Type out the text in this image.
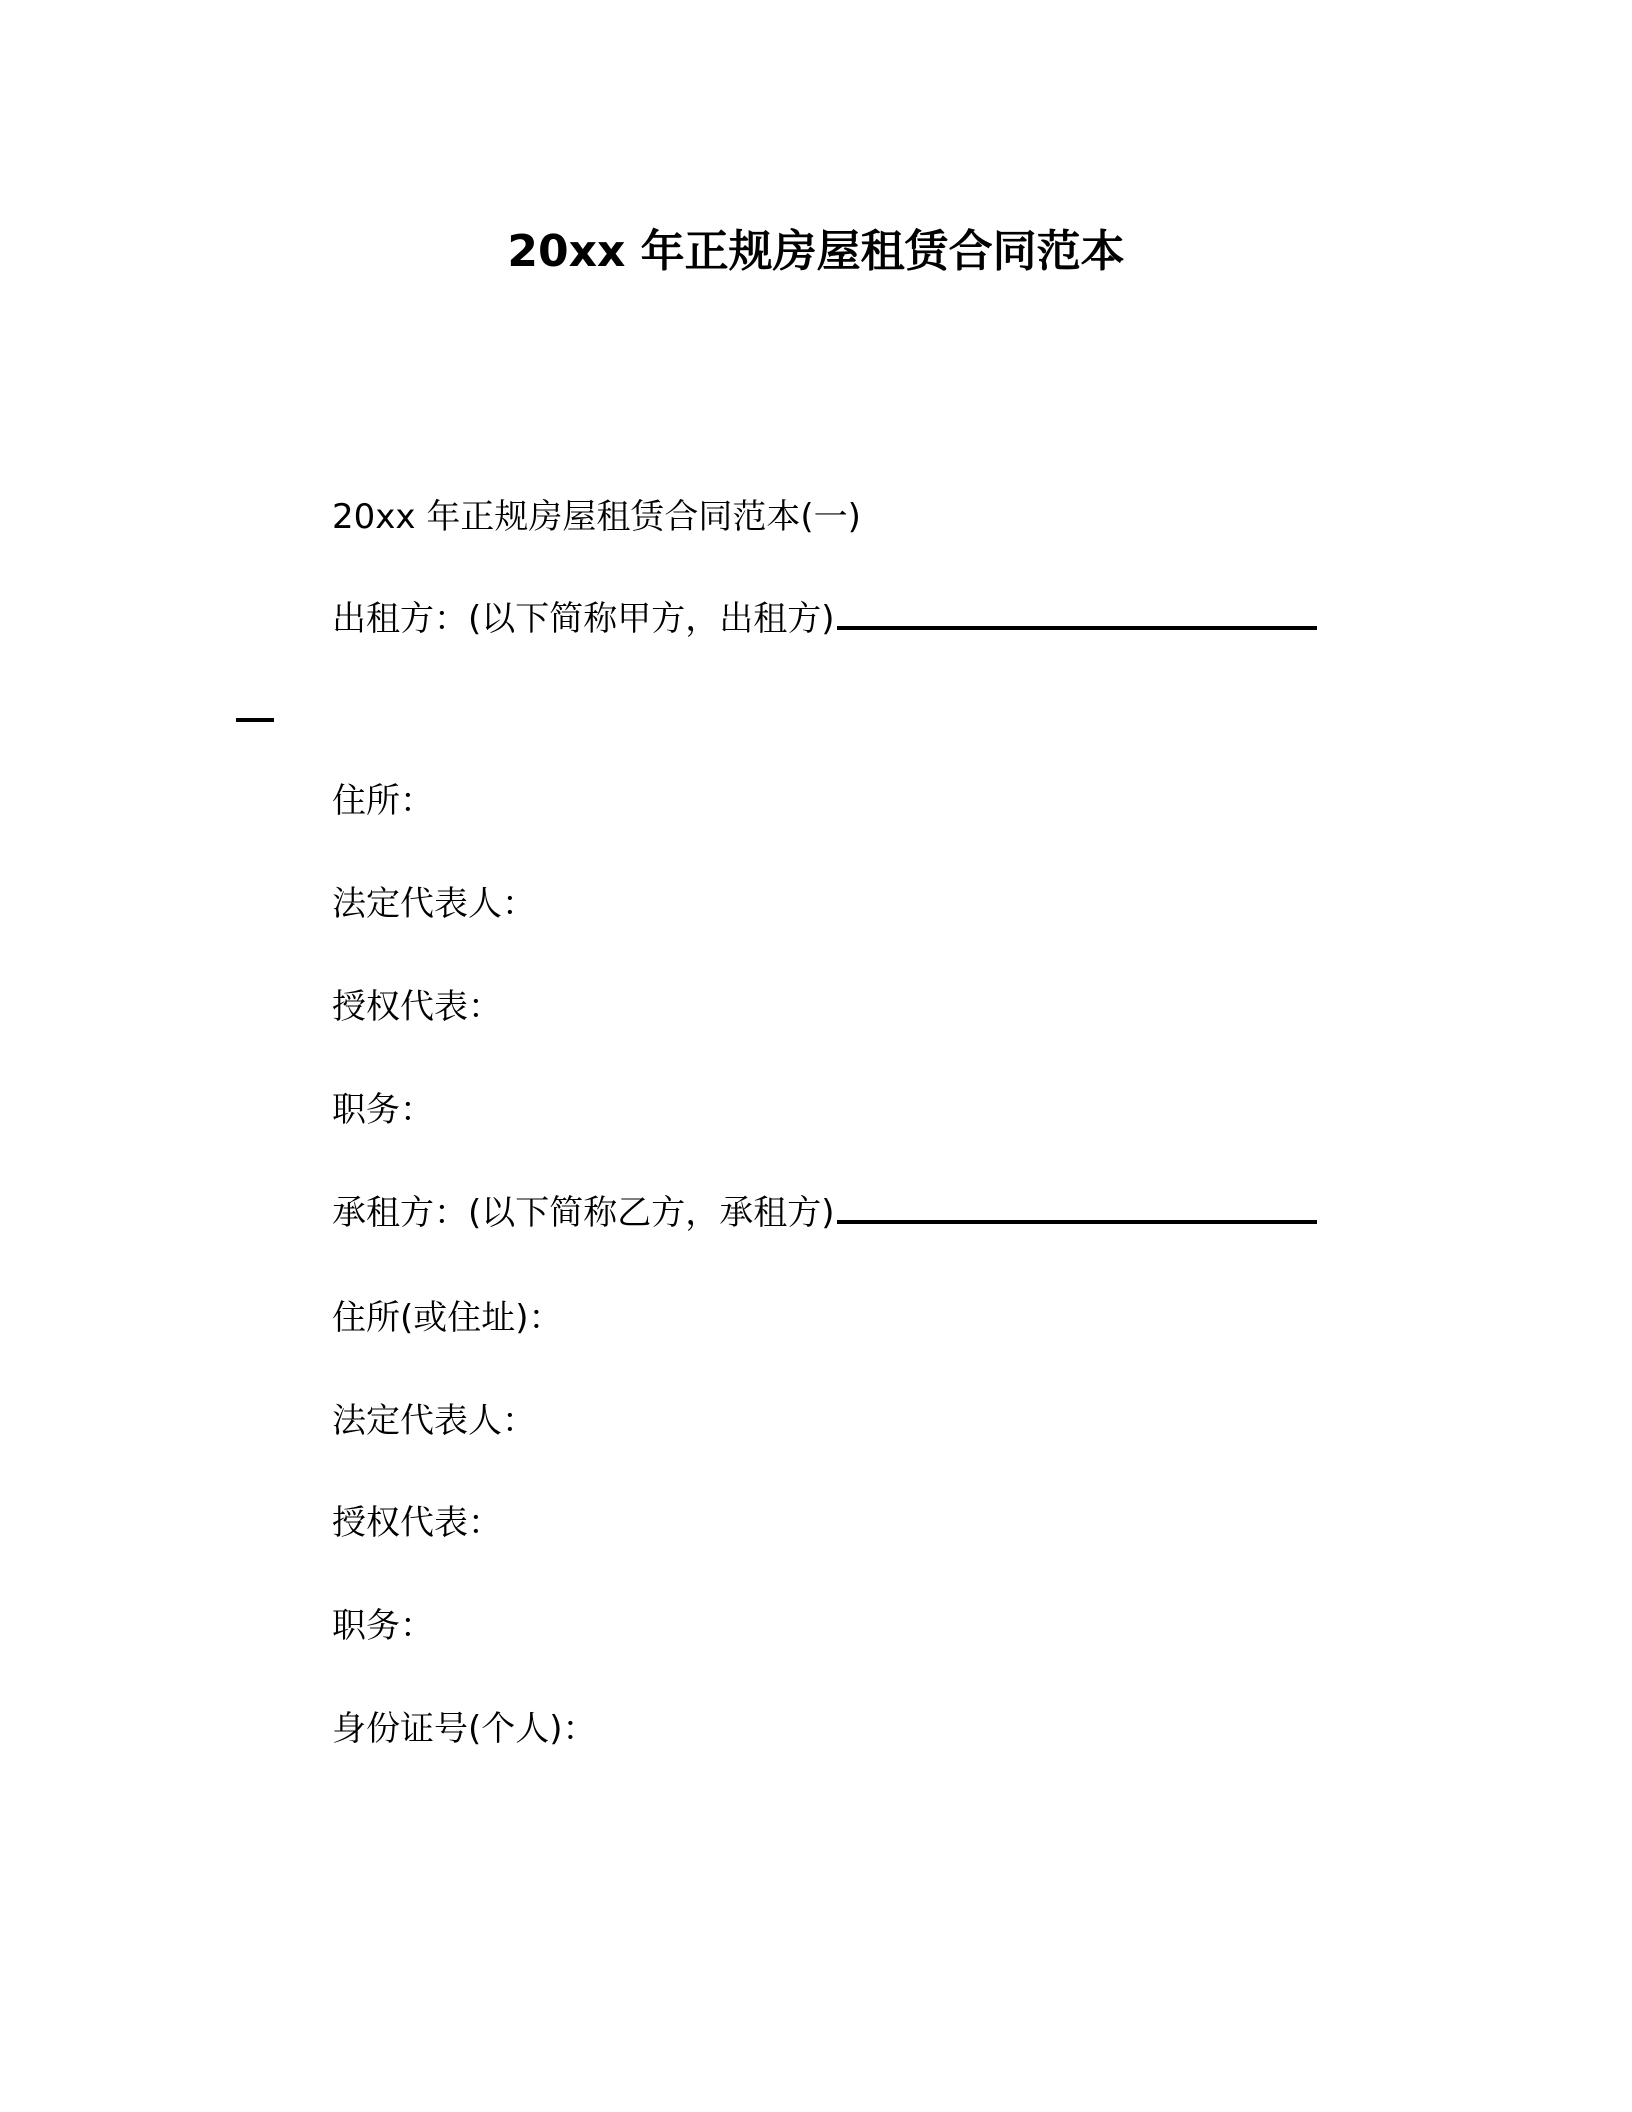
20xx 年正规房屋租赁合同范本
20xx 年正规房屋租赁合同范本(一)
出租方：(以下简称甲方，出租方)
住所：
法定代表人：
授权代表：
职务：
承租方：(以下简称乙方，承租方)
住所(或住址)：
法定代表人：
授权代表：
职务：
身份证号(个人)：
